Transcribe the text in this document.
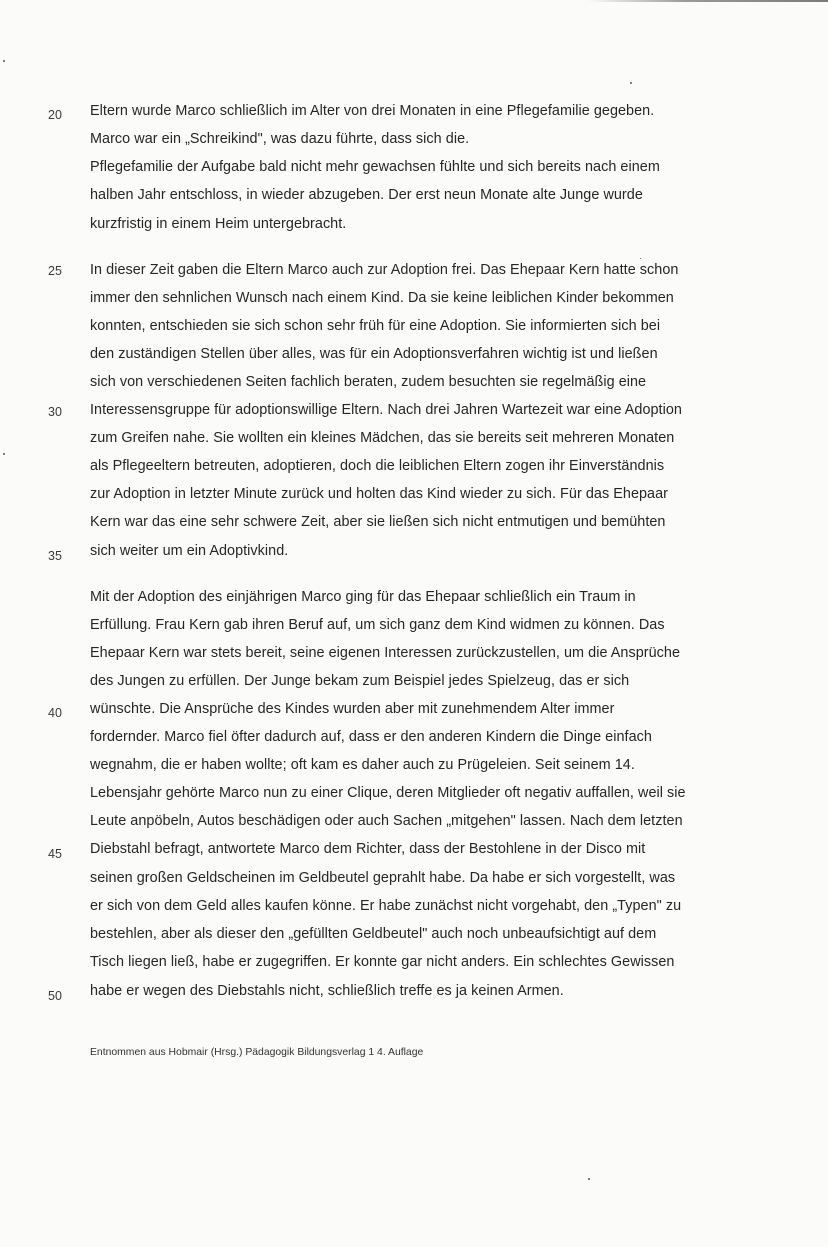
20
25
30
35
40
45
50
Eltern wurde Marco schließlich im Alter von drei Monaten in eine Pflegefamilie gegeben.
Marco war ein „Schreikind", was dazu führte, dass sich die.
Pflegefamilie der Aufgabe bald nicht mehr gewachsen fühlte und sich bereits nach einem
halben Jahr entschloss, in wieder abzugeben. Der erst neun Monate alte Junge wurde
kurzfristig in einem Heim untergebracht.
In dieser Zeit gaben die Eltern Marco auch zur Adoption frei. Das Ehepaar Kern hatte schon
immer den sehnlichen Wunsch nach einem Kind. Da sie keine leiblichen Kinder bekommen
konnten, entschieden sie sich schon sehr früh für eine Adoption. Sie informierten sich bei
den zuständigen Stellen über alles, was für ein Adoptionsverfahren wichtig ist und ließen
sich von verschiedenen Seiten fachlich beraten, zudem besuchten sie regelmäßig eine
Interessensgruppe für adoptionswillige Eltern. Nach drei Jahren Wartezeit war eine Adoption
zum Greifen nahe. Sie wollten ein kleines Mädchen, das sie bereits seit mehreren Monaten
als Pflegeeltern betreuten, adoptieren, doch die leiblichen Eltern zogen ihr Einverständnis
zur Adoption in letzter Minute zurück und holten das Kind wieder zu sich. Für das Ehepaar
Kern war das eine sehr schwere Zeit, aber sie ließen sich nicht entmutigen und bemühten
sich weiter um ein Adoptivkind.
Mit der Adoption des einjährigen Marco ging für das Ehepaar schließlich ein Traum in
Erfüllung. Frau Kern gab ihren Beruf auf, um sich ganz dem Kind widmen zu können. Das
Ehepaar Kern war stets bereit, seine eigenen Interessen zurückzustellen, um die Ansprüche
des Jungen zu erfüllen. Der Junge bekam zum Beispiel jedes Spielzeug, das er sich
wünschte. Die Ansprüche des Kindes wurden aber mit zunehmendem Alter immer
fordernder. Marco fiel öfter dadurch auf, dass er den anderen Kindern die Dinge einfach
wegnahm, die er haben wollte; oft kam es daher auch zu Prügeleien. Seit seinem 14.
Lebensjahr gehörte Marco nun zu einer Clique, deren Mitglieder oft negativ auffallen, weil sie
Leute anpöbeln, Autos beschädigen oder auch Sachen „mitgehen" lassen. Nach dem letzten
Diebstahl befragt, antwortete Marco dem Richter, dass der Bestohlene in der Disco mit
seinen großen Geldscheinen im Geldbeutel geprahlt habe. Da habe er sich vorgestellt, was
er sich von dem Geld alles kaufen könne. Er habe zunächst nicht vorgehabt, den „Typen" zu
bestehlen, aber als dieser den „gefüllten Geldbeutel" auch noch unbeaufsichtigt auf dem
Tisch liegen ließ, habe er zugegriffen. Er konnte gar nicht anders. Ein schlechtes Gewissen
habe er wegen des Diebstahls nicht, schließlich treffe es ja keinen Armen.
Entnommen aus Hobmair (Hrsg.) Pädagogik Bildungsverlag 1 4. Auflage
